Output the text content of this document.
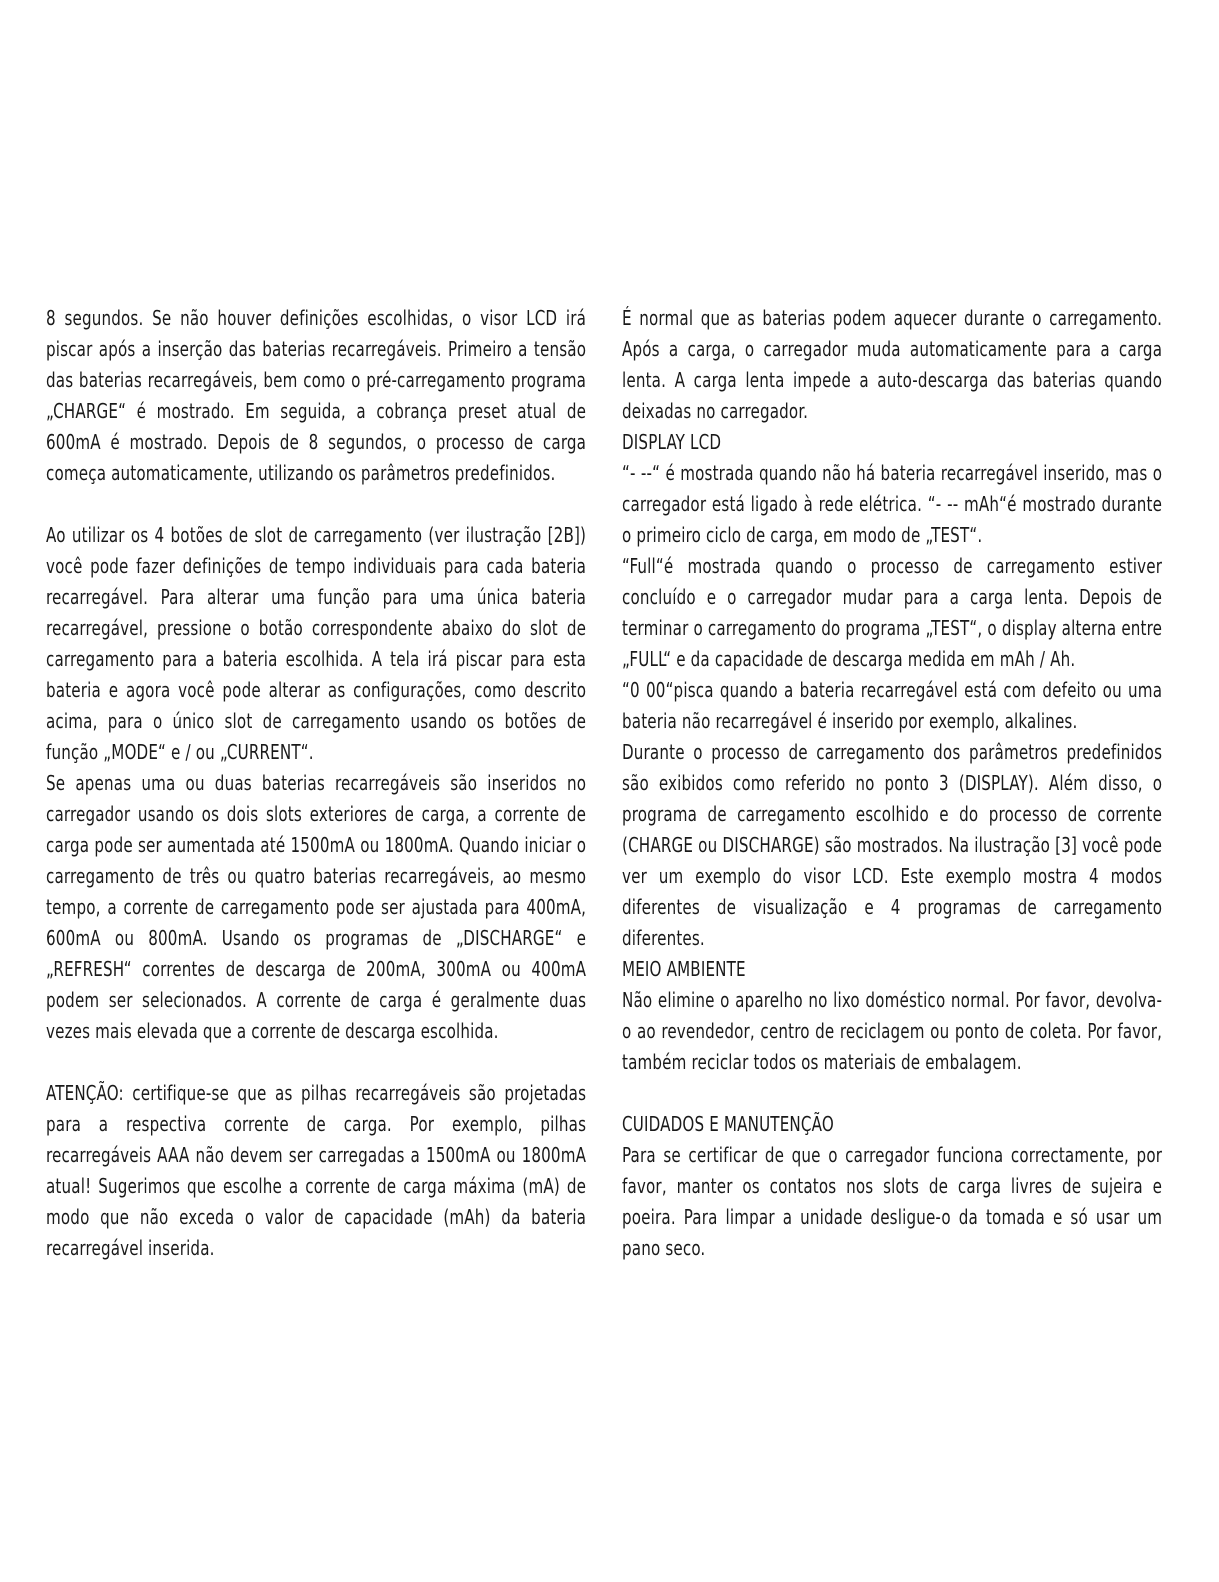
8 segundos. Se não houver definições escolhidas, o visor LCD irá piscar após a inserção das baterias recarregáveis. Primeiro a tensão das baterias recarregáveis, bem como o pré-carregamento programa „CHARGE“ é mostrado. Em seguida, a cobrança preset atual de 600mA é mostrado. Depois de 8 segundos, o processo de carga começa automaticamente, utilizando os parâmetros predefinidos.

Ao utilizar os 4 botões de slot de carregamento (ver ilustração [2B]) você pode fazer definições de tempo individuais para cada bateria recarregável. Para alterar uma função para uma única bateria recarregável, pressione o botão correspondente abaixo do slot de carregamento para a bateria escolhida. A tela irá piscar para esta bateria e agora você pode alterar as configurações, como descrito acima, para o único slot de carregamento usando os botões de função „MODE“ e / ou „CURRENT“.

Se apenas uma ou duas baterias recarregáveis são inseridos no carregador usando os dois slots exteriores de carga, a corrente de carga pode ser aumentada até 1500mA ou 1800mA. Quando iniciar o carregamento de três ou quatro baterias recarregáveis, ao mesmo tempo, a corrente de carregamento pode ser ajustada para 400mA, 600mA ou 800mA. Usando os programas de „DISCHARGE“ e „REFRESH“ correntes de descarga de 200mA, 300mA ou 400mA podem ser selecionados. A corrente de carga é geralmente duas vezes mais elevada que a corrente de descarga escolhida.

ATENÇÃO: certifique-se que as pilhas recarregáveis são projetadas para a respectiva corrente de carga. Por exemplo, pilhas recarregáveis AAA não devem ser carregadas a 1500mA ou 1800mA atual! Sugerimos que escolhe a corrente de carga máxima (mA) de modo que não exceda o valor de capacidade (mAh) da bateria recarregável inserida.

É normal que as baterias podem aquecer durante o carregamento. Após a carga, o carregador muda automaticamente para a carga lenta. A carga lenta impede a auto-descarga das baterias quando deixadas no carregador.

DISPLAY LCD

“- --“ é mostrada quando não há bateria recarregável inserido, mas o carregador está ligado à rede elétrica. “- -- mAh“é mostrado durante o primeiro ciclo de carga, em modo de „TEST“.

“Full“é mostrada quando o processo de carregamento estiver concluído e o carregador mudar para a carga lenta. Depois de terminar o carregamento do programa „TEST“, o display alterna entre „FULL“ e da capacidade de descarga medida em mAh / Ah.

“0 00“pisca quando a bateria recarregável está com defeito ou uma bateria não recarregável é inserido por exemplo, alkalines.

Durante o processo de carregamento dos parâmetros predefinidos são exibidos como referido no ponto 3 (DISPLAY). Além disso, o programa de carregamento escolhido e do processo de corrente (CHARGE ou DISCHARGE) são mostrados. Na ilustração [3] você pode ver um exemplo do visor LCD. Este exemplo mostra 4 modos diferentes de visualização e 4 programas de carregamento diferentes.

MEIO AMBIENTE

Não elimine o aparelho no lixo doméstico normal. Por favor, devolva-o ao revendedor, centro de reciclagem ou ponto de coleta. Por favor, também reciclar todos os materiais de embalagem.

CUIDADOS E MANUTENÇÃO

Para se certificar de que o carregador funciona correctamente, por favor, manter os contatos nos slots de carga livres de sujeira e poeira. Para limpar a unidade desligue-o da tomada e só usar um pano seco.
